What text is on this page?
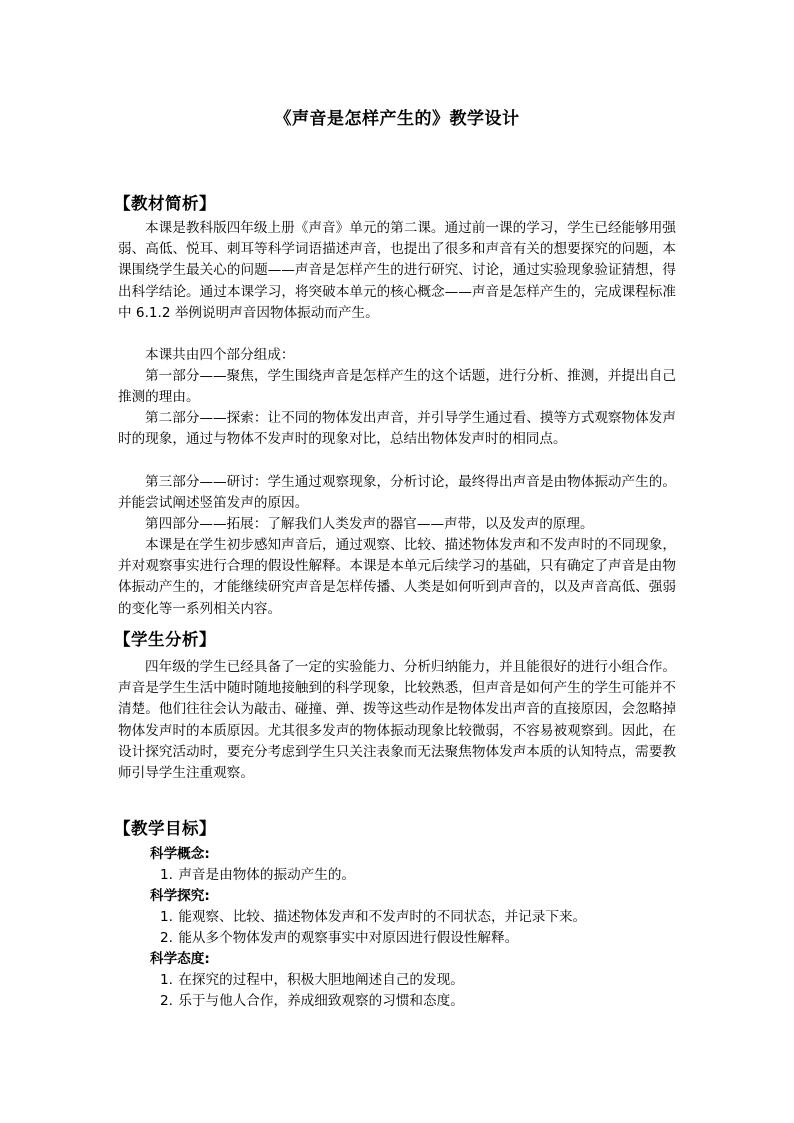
《声音是怎样产生的》教学设计
【教材简析】

本课是教科版四年级上册《声音》单元的第二课。通过前一课的学习，学生已经能够用强弱、高低、悦耳、刺耳等科学词语描述声音，也提出了很多和声音有关的想要探究的问题，本课围绕学生最关心的问题——声音是怎样产生的进行研究、讨论，通过实验现象验证猜想，得出科学结论。通过本课学习，将突破本单元的核心概念——声音是怎样产生的，完成课程标准中 6.1.2 举例说明声音因物体振动而产生。

本课共由四个部分组成：

第一部分——聚焦，学生围绕声音是怎样产生的这个话题，进行分析、推测，并提出自己推测的理由。

第二部分——探索：让不同的物体发出声音，并引导学生通过看、摸等方式观察物体发声时的现象，通过与物体不发声时的现象对比，总结出物体发声时的相同点。

第三部分——研讨：学生通过观察现象，分析讨论，最终得出声音是由物体振动产生的。并能尝试阐述竖笛发声的原因。

第四部分——拓展：了解我们人类发声的器官——声带，以及发声的原理。

本课是在学生初步感知声音后，通过观察、比较、描述物体发声和不发声时的不同现象，并对观察事实进行合理的假设性解释。本课是本单元后续学习的基础，只有确定了声音是由物体振动产生的，才能继续研究声音是怎样传播、人类是如何听到声音的，以及声音高低、强弱的变化等一系列相关内容。

【学生分析】

四年级的学生已经具备了一定的实验能力、分析归纳能力，并且能很好的进行小组合作。声音是学生生活中随时随地接触到的科学现象，比较熟悉，但声音是如何产生的学生可能并不清楚。他们往往会认为敲击、碰撞、弹、拨等这些动作是物体发出声音的直接原因，会忽略掉物体发声时的本质原因。尤其很多发声的物体振动现象比较微弱，不容易被观察到。因此，在设计探究活动时，要充分考虑到学生只关注表象而无法聚焦物体发声本质的认知特点，需要教师引导学生注重观察。

【教学目标】
科学概念:
1. 声音是由物体的振动产生的。
科学探究:
1. 能观察、比较、描述物体发声和不发声时的不同状态，并记录下来。
2. 能从多个物体发声的观察事实中对原因进行假设性解释。
科学态度:
1. 在探究的过程中，积极大胆地阐述自己的发现。
2. 乐于与他人合作，养成细致观察的习惯和态度。
